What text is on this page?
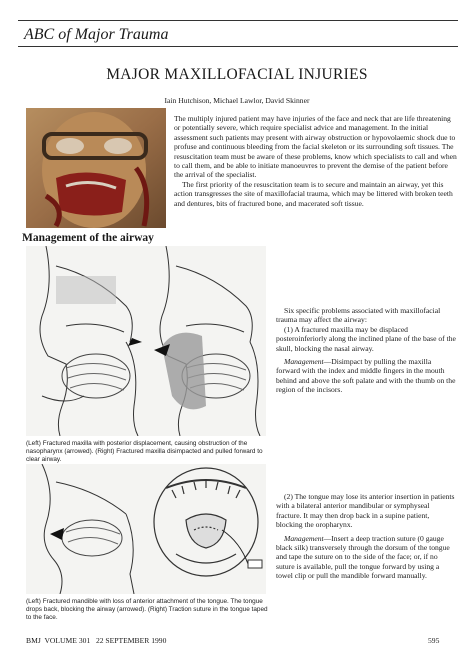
ABC of Major Trauma
MAJOR MAXILLOFACIAL INJURIES
Iain Hutchison, Michael Lawlor, David Skinner

The multiply injured patient may have injuries of the face and neck that are life threatening or potentially severe, which require specialist advice and management. In the initial assessment such patients may present with airway obstruction or hypovolaemic shock due to profuse and continuous bleeding from the facial skeleton or its surrounding soft tissues. The resuscitation team must be aware of these problems, know which specialists to call and when to call them, and be able to initiate manoeuvres to prevent the demise of the patient before the arrival of the specialist.

The first priority of the resuscitation team is to secure and maintain an airway, yet this action transgresses the site of maxillofacial trauma, which may be littered with broken teeth and dentures, bits of fractured bone, and macerated soft tissue.

Management of the airway
(Left) Fractured maxilla with posterior displacement, causing obstruction of the nasopharynx (arrowed). (Right) Fractured maxilla disimpacted and pulled forward to clear airway.

Six specific problems associated with maxillofacial trauma may affect the airway:

(1) A fractured maxilla may be displaced posteroinferiorly along the inclined plane of the base of the skull, blocking the nasal airway.

Management—Disimpact by pulling the maxilla forward with the index and middle fingers in the mouth behind and above the soft palate and with the thumb on the region of the incisors.

(Left) Fractured mandible with loss of anterior attachment of the tongue. The tongue drops back, blocking the airway (arrowed). (Right) Traction suture in the tongue taped to the face.

(2) The tongue may lose its anterior insertion in patients with a bilateral anterior mandibular or symphyseal fracture. It may then drop back in a supine patient, blocking the oropharynx.

Management—Insert a deep traction suture (0 gauge black silk) transversely through the dorsum of the tongue and tape the suture on to the side of the face; or, if no suture is available, pull the tongue forward by using a towel clip or pull the mandible forward manually.

BMJ VOLUME 301 22 SEPTEMBER 1990	595
